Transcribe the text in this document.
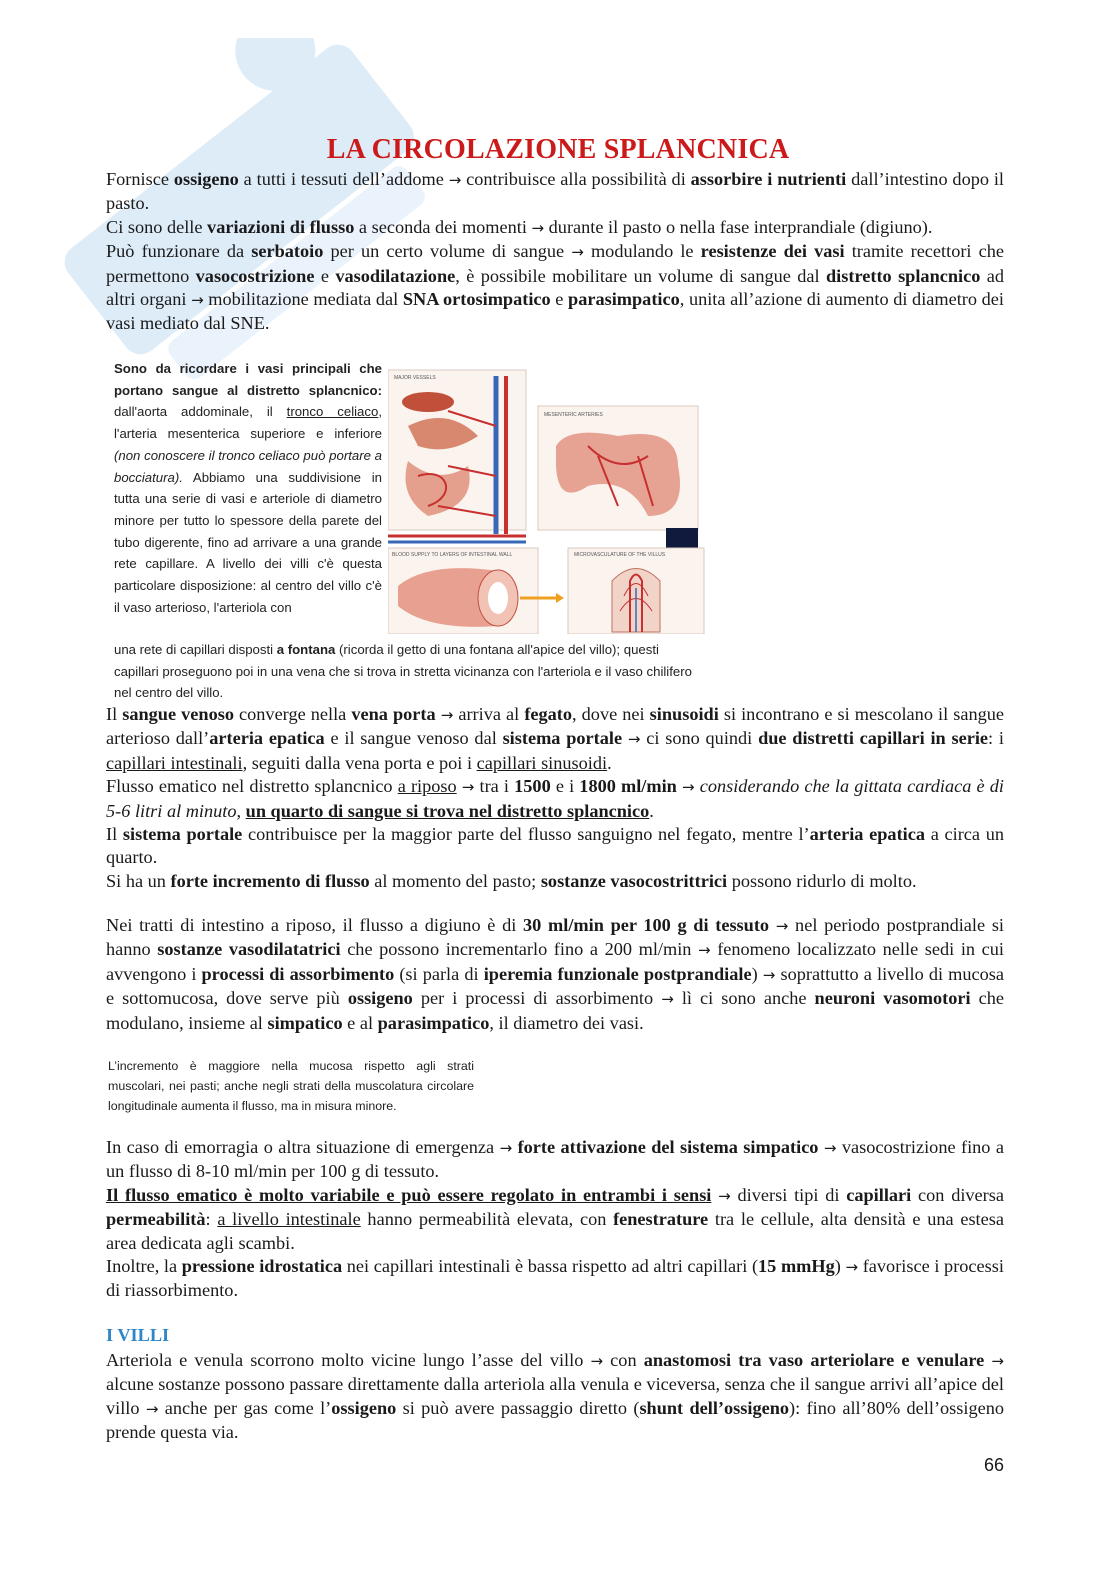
LA CIRCOLAZIONE SPLANCNICA

Fornisce ossigeno a tutti i tessuti dell’addome → contribuisce alla possibilità di assorbire i nutrienti dall’intestino dopo il pasto.

Ci sono delle variazioni di flusso a seconda dei momenti → durante il pasto o nella fase interprandiale (digiuno).

Può funzionare da serbatoio per un certo volume di sangue → modulando le resistenze dei vasi tramite recettori che permettono vasocostrizione e vasodilatazione, è possibile mobilitare un volume di sangue dal distretto splancnico ad altri organi → mobilitazione mediata dal SNA ortosimpatico e parasimpatico, unita all’azione di aumento di diametro dei vasi mediato dal SNE.

Sono da ricordare i vasi principali che portano sangue al distretto splancnico: dall'aorta addominale, il tronco celiaco, l'arteria mesenterica superiore e inferiore (non conoscere il tronco celiaco può portare a bocciatura). Abbiamo una suddivisione in tutta una serie di vasi e arteriole di diametro minore per tutto lo spessore della parete del tubo digerente, fino ad arrivare a una grande rete capillare. A livello dei villi c'è questa particolare disposizione: al centro del villo c'è il vaso arterioso, l'arteriola con
MAJOR VESSELS
MESENTERIC ARTERIES
BLOOD SUPPLY TO LAYERS OF INTESTINAL WALL	MICROVASCULATURE OF THE VILLUS
una rete di capillari disposti a fontana (ricorda il getto di una fontana all'apice del villo); questi capillari proseguono poi in una vena che si trova in stretta vicinanza con l'arteriola e il vaso chilifero nel centro del villo.

Il sangue venoso converge nella vena porta → arriva al fegato, dove nei sinusoidi si incontrano e si mescolano il sangue arterioso dall’arteria epatica e il sangue venoso dal sistema portale → ci sono quindi due distretti capillari in serie: i capillari intestinali, seguiti dalla vena porta e poi i capillari sinusoidi.

Flusso ematico nel distretto splancnico a riposo → tra i 1500 e i 1800 ml/min → considerando che la gittata cardiaca è di 5-6 litri al minuto, un quarto di sangue si trova nel distretto splancnico.

Il sistema portale contribuisce per la maggior parte del flusso sanguigno nel fegato, mentre l’arteria epatica a circa un quarto.

Si ha un forte incremento di flusso al momento del pasto; sostanze vasocostrittrici possono ridurlo di molto.

Nei tratti di intestino a riposo, il flusso a digiuno è di 30 ml/min per 100 g di tessuto → nel periodo postprandiale si hanno sostanze vasodilatatrici che possono incrementarlo fino a 200 ml/min → fenomeno localizzato nelle sedi in cui avvengono i processi di assorbimento (si parla di iperemia funzionale postprandiale) → soprattutto a livello di mucosa e sottomucosa, dove serve più ossigeno per i processi di assorbimento → lì ci sono anche neuroni vasomotori che modulano, insieme al simpatico e al parasimpatico, il diametro dei vasi.

L’incremento è maggiore nella mucosa rispetto agli strati muscolari, nei pasti; anche negli strati della muscolatura circolare longitudinale aumenta il flusso, ma in misura minore.

In caso di emorragia o altra situazione di emergenza → forte attivazione del sistema simpatico → vasocostrizione fino a un flusso di 8-10 ml/min per 100 g di tessuto.

Il flusso ematico è molto variabile e può essere regolato in entrambi i sensi → diversi tipi di capillari con diversa permeabilità: a livello intestinale hanno permeabilità elevata, con fenestrature tra le cellule, alta densità e una estesa area dedicata agli scambi.

Inoltre, la pressione idrostatica nei capillari intestinali è bassa rispetto ad altri capillari (15 mmHg) → favorisce i processi di riassorbimento.

I VILLI

Arteriola e venula scorrono molto vicine lungo l’asse del villo → con anastomosi tra vaso arteriolare e venulare → alcune sostanze possono passare direttamente dalla arteriola alla venula e viceversa, senza che il sangue arrivi all’apice del villo → anche per gas come l’ossigeno si può avere passaggio diretto (shunt dell’ossigeno): fino all’80% dell’ossigeno prende questa via.

66
